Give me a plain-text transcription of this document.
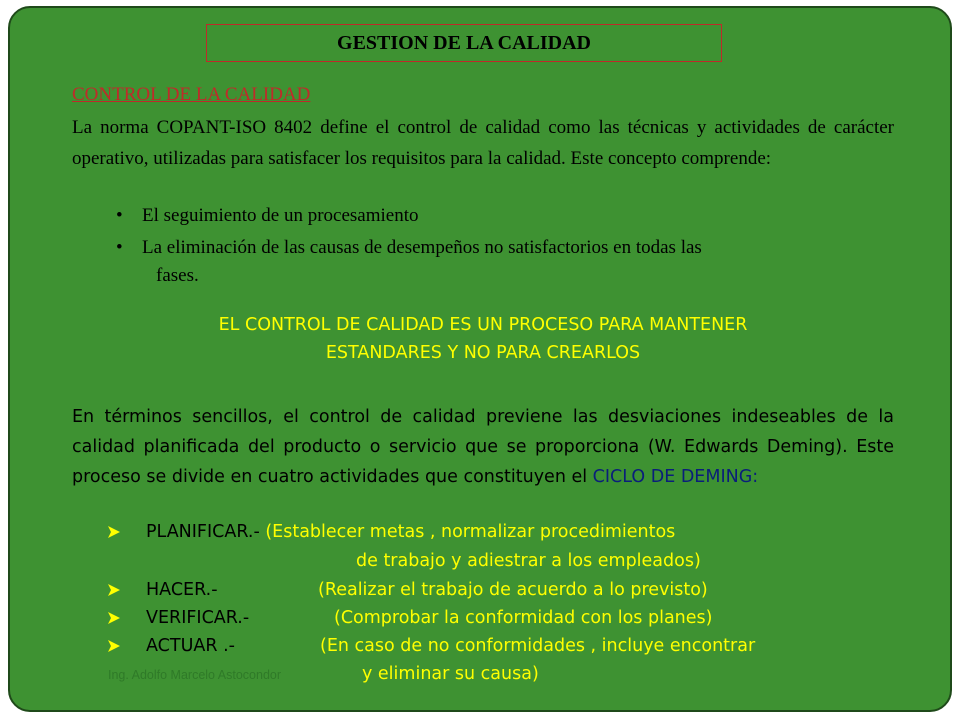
GESTION DE LA CALIDAD
CONTROL DE LA CALIDAD
La norma COPANT-ISO 8402 define el control de calidad como las técnicas y actividades de carácter operativo, utilizadas para satisfacer los requisitos para la calidad. Este concepto comprende:
• El seguimiento de un procesamiento
• La eliminación de las causas de desempeños no satisfactorios en todas las
fases.
EL CONTROL DE CALIDAD ES UN PROCESO PARA MANTENER
ESTANDARES Y NO PARA CREARLOS
En términos sencillos, el control de calidad previene las desviaciones indeseables de la calidad planificada del producto o servicio que se proporciona (W. Edwards Deming). Este proceso se divide en cuatro actividades que constituyen el CICLO DE DEMING:
PLANIFICAR.- (Establecer metas , normalizar procedimientos
de trabajo y adiestrar a los empleados)
HACER.-	(Realizar el trabajo de acuerdo a lo previsto)
VERIFICAR.-	(Comprobar la conformidad con los planes)
ACTUAR .-	(En caso de no conformidades , incluye encontrar
y eliminar su causa)
Ing. Adolfo Marcelo Astocondor
